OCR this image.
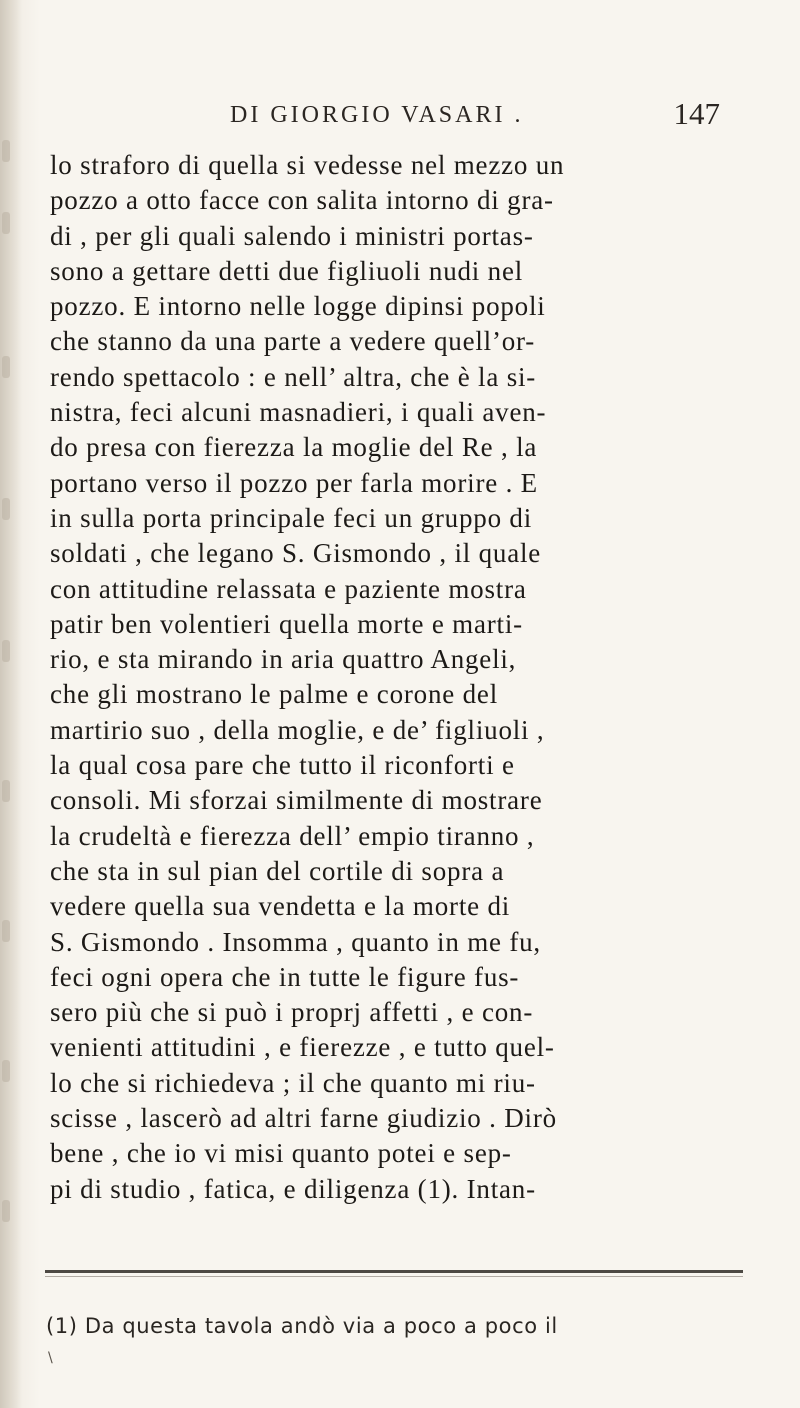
DI GIORGIO VASARI .	147
lo straforo di quella si vedesse nel mezzo un
pozzo a otto facce con salita intorno di gra-
di , per gli quali salendo i ministri portas-
sono a gettare detti due figliuoli nudi nel
pozzo. E intorno nelle logge dipinsi popoli
che stanno da una parte a vedere quell’or-
rendo spettacolo : e nell’ altra, che è la si-
nistra, feci alcuni masnadieri, i quali aven-
do presa con fierezza la moglie del Re , la
portano verso il pozzo per farla morire . E
in sulla porta principale feci un gruppo di
soldati , che legano S. Gismondo , il quale
con attitudine relassata e paziente mostra
patir ben volentieri quella morte e marti-
rio, e sta mirando in aria quattro Angeli,
che gli mostrano le palme e corone del
martirio suo , della moglie, e de’ figliuoli ,
la qual cosa pare che tutto il riconforti e
consoli. Mi sforzai similmente di mostrare
la crudeltà e fierezza dell’ empio tiranno ,
che sta in sul pian del cortile di sopra a
vedere quella sua vendetta e la morte di
S. Gismondo . Insomma , quanto in me fu,
feci ogni opera che in tutte le figure fus-
sero più che si può i proprj affetti , e con-
venienti attitudini , e fierezze , e tutto quel-
lo che si richiedeva ; il che quanto mi riu-
scisse , lascerò ad altri farne giudizio . Dirò
bene , che io vi misi quanto potei e sep-
pi di studio , fatica, e diligenza (1). Intan-
(1) Da questa tavola andò via a poco a poco il
\
